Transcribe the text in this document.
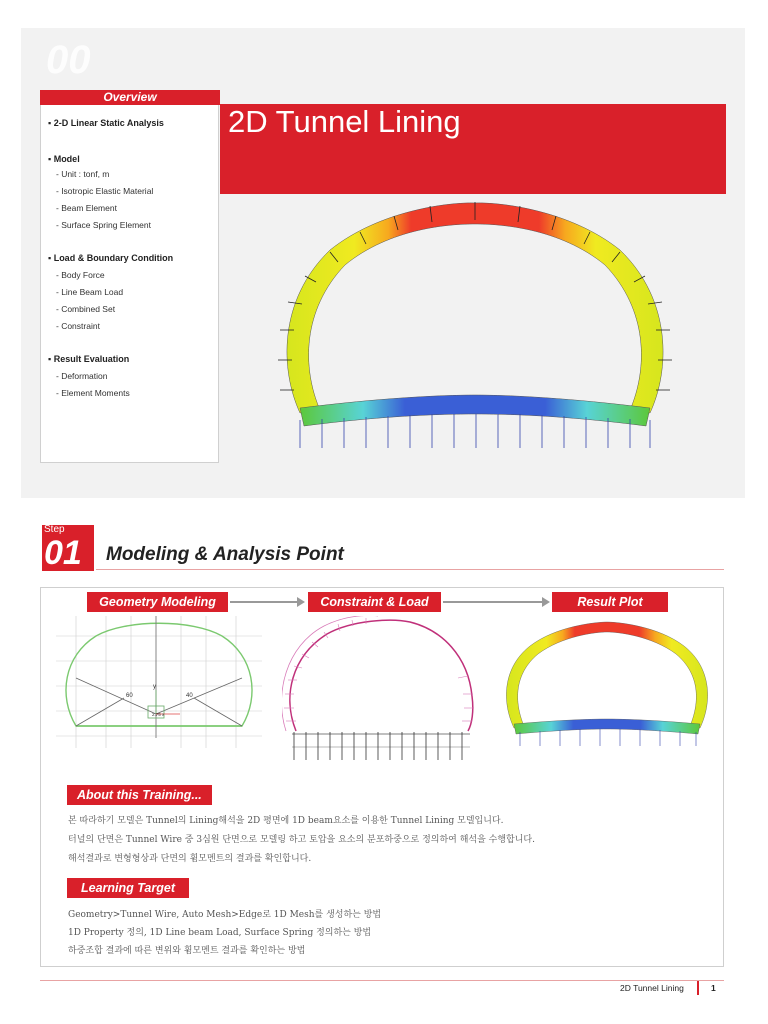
00
Overview
▪ 2-D Linear Static Analysis
▪ Model
- Unit : tonf, m
- Isotropic Elastic Material
- Beam Element
- Surface Spring Element
▪ Load & Boundary Condition
- Body Force
- Line Beam Load
- Combined Set
- Constraint
▪ Result Evaluation
- Deformation
- Element Moments
2D Tunnel Lining
Step
01 Modeling & Analysis Point
Geometry Modeling	Constraint & Load	Result Plot
60	40
y
2.75 x
About this Training...
본 따라하기 모델은 Tunnel의 Lining해석을 2D 평면에 1D beam요소를 이용한 Tunnel Lining 모델입니다.
터널의 단면은 Tunnel Wire 중 3심원 단면으로 모델링 하고 토압을 요소의 분포하중으로 정의하여 해석을 수행합니다.
해석결과로 변형형상과 단면의 휨모멘트의 결과를 확인합니다.
Learning Target
Geometry>Tunnel Wire, Auto Mesh>Edge로 1D Mesh를 생성하는 방법
1D Property 정의, 1D Line beam Load, Surface Spring 정의하는 방법
하중조합 결과에 따른 변위와 휨모멘트 결과를 확인하는 방법
2D Tunnel Lining	1
